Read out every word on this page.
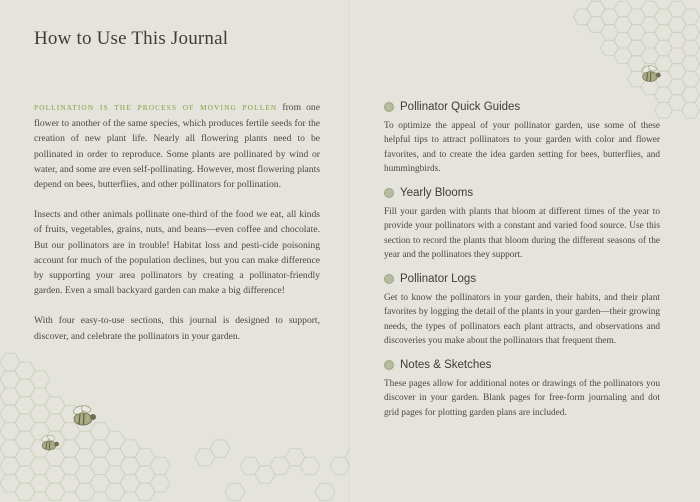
How to Use This Journal

POLLINATION IS THE PROCESS OF MOVING POLLEN from one flower to another of the same species, which produces fertile seeds for the creation of new plant life. Nearly all flowering plants need to be pollinated in order to reproduce. Some plants are pollinated by wind or water, and some are even self-pollinating. However, most flowering plants depend on bees, butterflies, and other pollinators for pollination.

Insects and other animals pollinate one-third of the food we eat, all kinds of fruits, vegetables, grains, nuts, and beans—even coffee and chocolate. But our pollinators are in trouble! Habitat loss and pesti-cide poisoning account for much of the population declines, but you can make difference by supporting your area pollinators by creating a pollinator-friendly garden. Even a small backyard garden can make a big difference!

With four easy-to-use sections, this journal is designed to support, discover, and celebrate the pollinators in your garden.

Pollinator Quick Guides
To optimize the appeal of your pollinator garden, use some of these helpful tips to attract pollinators to your garden with color and flower favorites, and to create the idea garden setting for bees, butterflies, and hummingbirds.
Yearly Blooms
Fill your garden with plants that bloom at different times of the year to provide your pollinators with a constant and varied food source. Use this section to record the plants that bloom during the different seasons of the year and the pollinators they support.
Pollinator Logs
Get to know the pollinators in your garden, their habits, and their plant favorites by logging the detail of the plants in your garden—their growing needs, the types of pollinators each plant attracts, and observations and discoveries you make about the pollinators that frequent them.
Notes & Sketches
These pages allow for additional notes or drawings of the pollinators you discover in your garden. Blank pages for free-form journaling and dot grid pages for plotting garden plans are included.
